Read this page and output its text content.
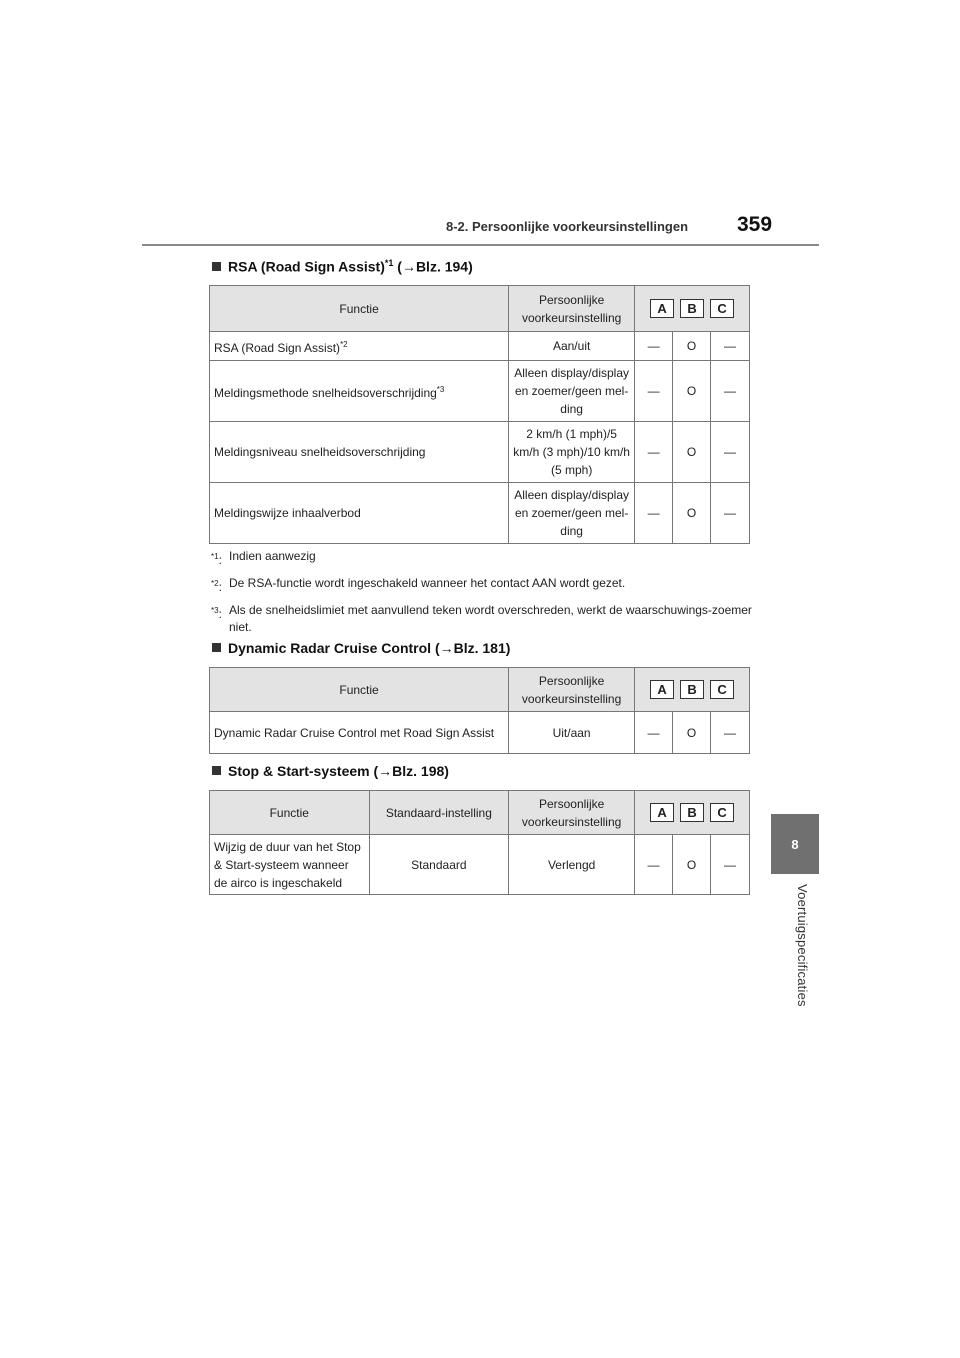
8-2. Persoonlijke voorkeursinstellingen 359
8
Voertuigspecificaties
RSA (Road Sign Assist)$^{*1}$ (→Blz. 194)
Functie	Persoonlijke voorkeursinstelling	A B C		
RSA (Road Sign Assist)$^{*2}$	Aan/uit	—	O	—
Meldingsmethode snelheidsoverschrijding$^{*3}$	Alleen display/display en zoemer/geen mel-ding	—	O	—
Meldingsniveau snelheidsoverschrijding	2 km/h (1 mph)/5 km/h (3 mph)/10 km/h (5 mph)	—	O	—
Meldingswijze inhaalverbod	Alleen display/display en zoemer/geen mel-ding	—	O	—
$^{*1}$: Indien aanwezig
$^{*2}$: De RSA-functie wordt ingeschakeld wanneer het contact AAN wordt gezet.
$^{*3}$: Als de snelheidslimiet met aanvullend teken wordt overschreden, werkt de waarschuwings-zoemer niet.
Dynamic Radar Cruise Control (→Blz. 181)
Functie	Persoonlijke voorkeursinstelling	A B C		
Dynamic Radar Cruise Control met Road Sign Assist	Uit/aan	—	O	—
Stop & Start-systeem (→Blz. 198)
Functie	Standaard-instelling	Persoonlijke voorkeursinstelling	A B C		
Wijzig de duur van het Stop & Start-systeem wanneer de airco is ingeschakeld	Standaard	Verlengd	—	O	—
